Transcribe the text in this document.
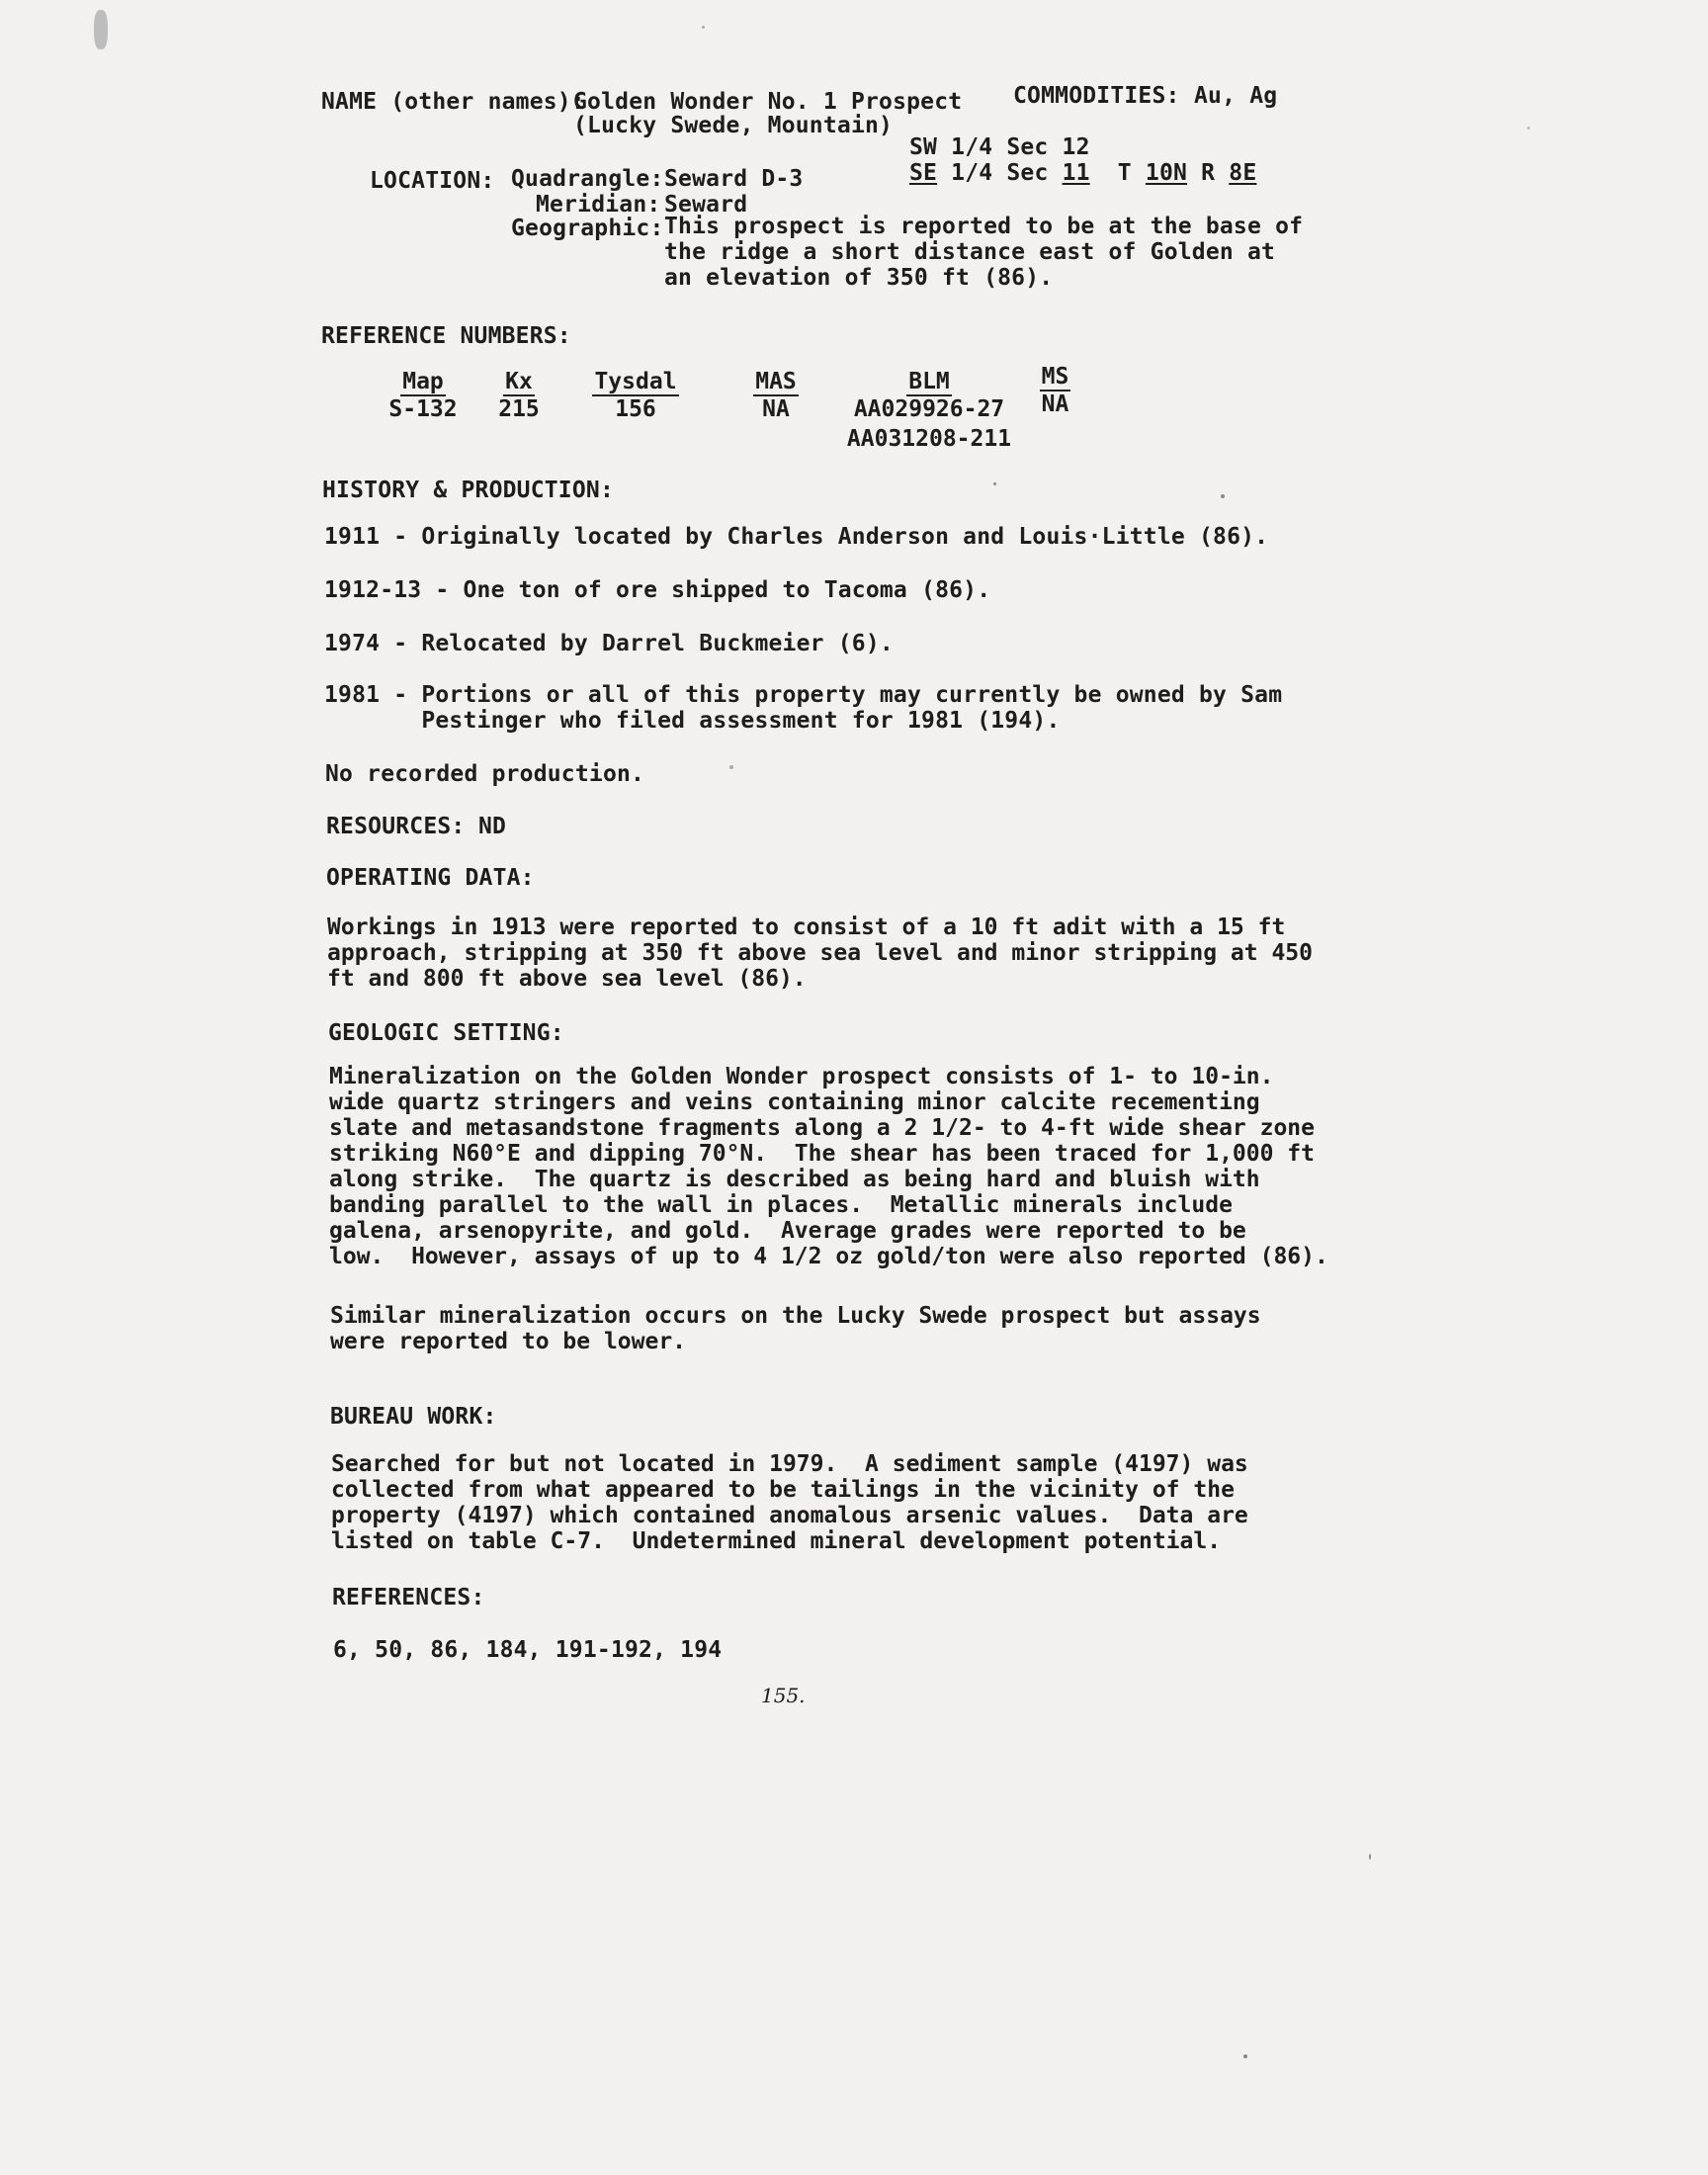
NAME (other names):
Golden Wonder No. 1 Prospect
(Lucky Swede, Mountain)
COMMODITIES: Au, Ag
SW 1/4 Sec 12
LOCATION: Quadrangle: Seward D-3	SE 1/4 Sec 11 T 10N R 8E
Meridian: Seward
Geographic: This prospect is reported to be at the base of
the ridge a short distance east of Golden at
an elevation of 350 ft (86).
REFERENCE NUMBERS:
Map
S-132
Kx
215
Tysdal
156
MAS
NA
BLM
AA029926-27
AA031208-211
MS
NA
HISTORY & PRODUCTION:
1911 - Originally located by Charles Anderson and Louis·Little (86).
1912-13 - One ton of ore shipped to Tacoma (86).
1974 - Relocated by Darrel Buckmeier (6).
1981 - Portions or all of this property may currently be owned by Sam
Pestinger who filed assessment for 1981 (194).
No recorded production.
RESOURCES: ND
OPERATING DATA:
Workings in 1913 were reported to consist of a 10 ft adit with a 15 ft
approach, stripping at 350 ft above sea level and minor stripping at 450
ft and 800 ft above sea level (86).
GEOLOGIC SETTING:
Mineralization on the Golden Wonder prospect consists of 1- to 10-in.
wide quartz stringers and veins containing minor calcite recementing
slate and metasandstone fragments along a 2 1/2- to 4-ft wide shear zone
striking N60°E and dipping 70°N.  The shear has been traced for 1,000 ft
along strike.  The quartz is described as being hard and bluish with
banding parallel to the wall in places.  Metallic minerals include
galena, arsenopyrite, and gold.  Average grades were reported to be
low.  However, assays of up to 4 1/2 oz gold/ton were also reported (86).
Similar mineralization occurs on the Lucky Swede prospect but assays
were reported to be lower.
BUREAU WORK:
Searched for but not located in 1979.  A sediment sample (4197) was
collected from what appeared to be tailings in the vicinity of the
property (4197) which contained anomalous arsenic values.  Data are
listed on table C-7.  Undetermined mineral development potential.
REFERENCES:
6, 50, 86, 184, 191-192, 194
155.
